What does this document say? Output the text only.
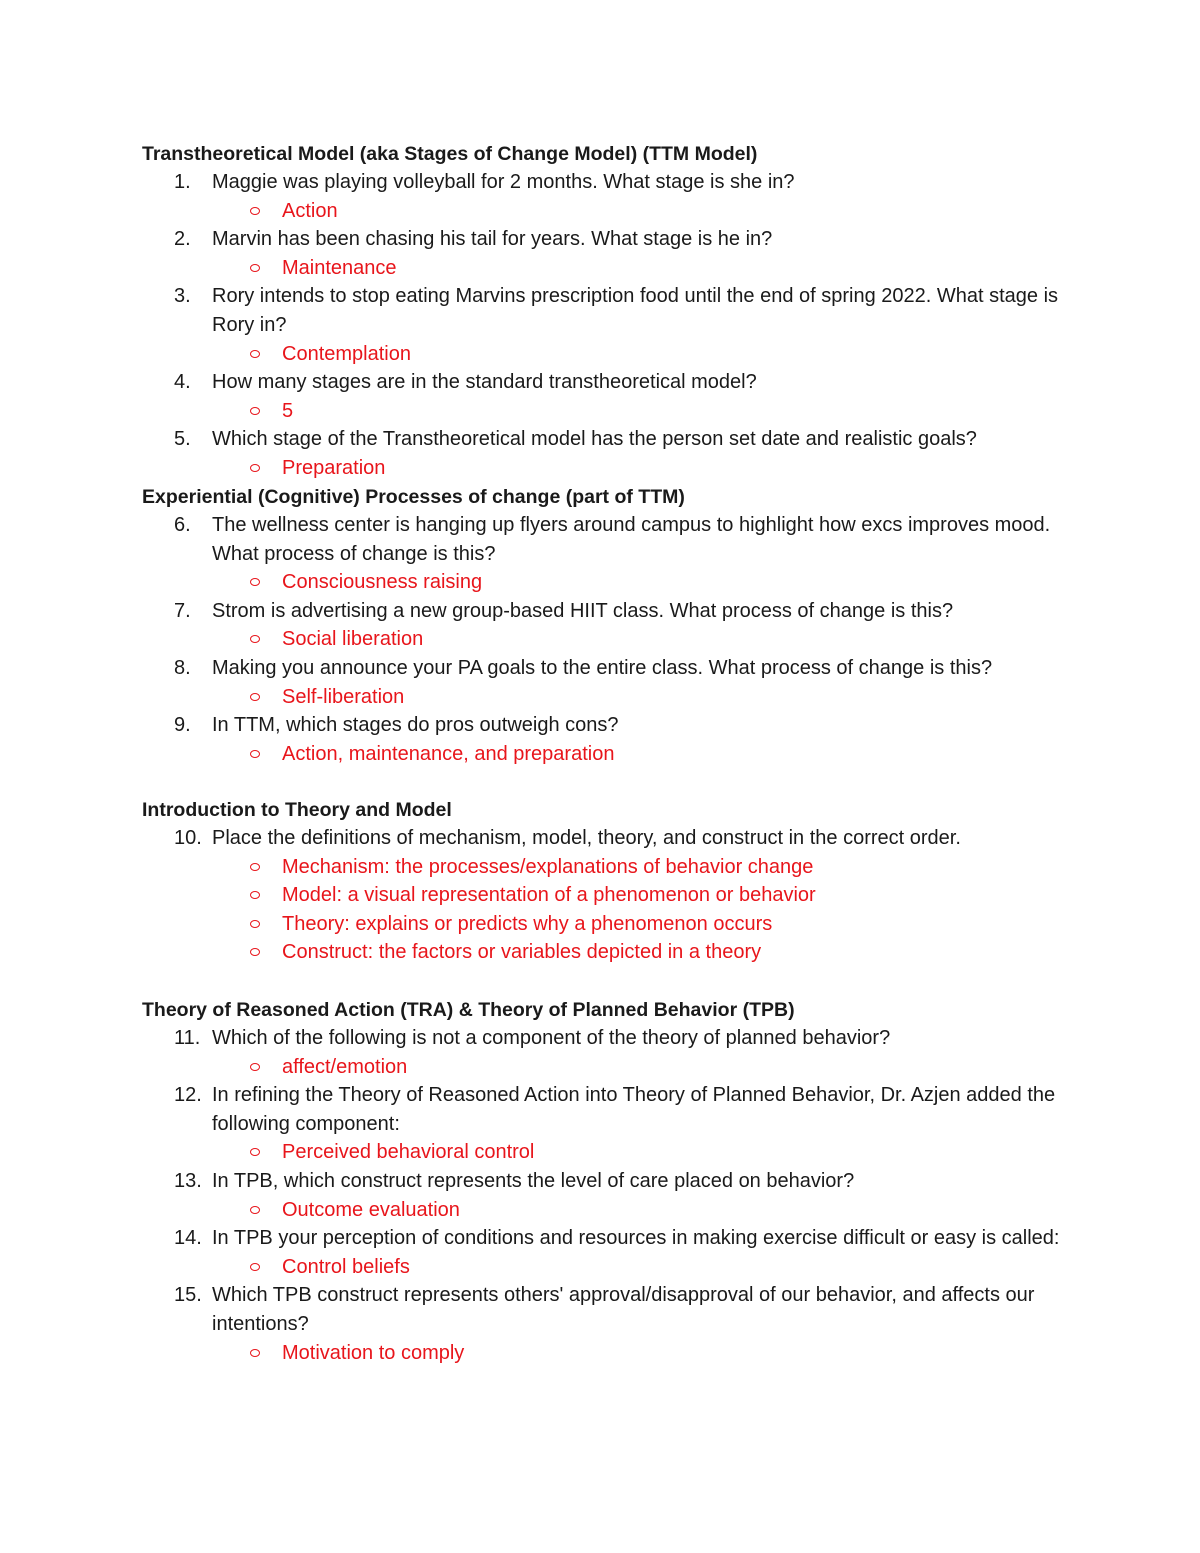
Transtheoretical Model (aka Stages of Change Model) (TTM Model)
1.	Maggie was playing volleyball for 2 months. What stage is she in?
Action
2.	Marvin has been chasing his tail for years. What stage is he in?
Maintenance
3.	Rory intends to stop eating Marvins prescription food until the end of spring 2022. What stage is Rory in?
Contemplation
4.	How many stages are in the standard transtheoretical model?
5
5.	Which stage of the Transtheoretical model has the person set date and realistic goals?
Preparation
Experiential (Cognitive) Processes of change (part of TTM)
6.	The wellness center is hanging up flyers around campus to highlight how excs improves mood. What process of change is this?
Consciousness raising
7.	Strom is advertising a new group-based HIIT class. What process of change is this?
Social liberation
8.	Making you announce your PA goals to the entire class. What process of change is this?
Self-liberation
9.	In TTM, which stages do pros outweigh cons?
Action, maintenance, and preparation
Introduction to Theory and Model
10. Place the definitions of mechanism, model, theory, and construct in the correct order.
Mechanism: the processes/explanations of behavior change
Model: a visual representation of a phenomenon or behavior
Theory: explains or predicts why a phenomenon occurs
Construct: the factors or variables depicted in a theory
Theory of Reasoned Action (TRA) & Theory of Planned Behavior (TPB)
11. Which of the following is not a component of the theory of planned behavior?
affect/emotion
12. In refining the Theory of Reasoned Action into Theory of Planned Behavior, Dr. Azjen added the following component:
Perceived behavioral control
13. In TPB, which construct represents the level of care placed on behavior?
Outcome evaluation
14. In TPB your perception of conditions and resources in making exercise difficult or easy is called:
Control beliefs
15. Which TPB construct represents others' approval/disapproval of our behavior, and affects our intentions?
Motivation to comply
